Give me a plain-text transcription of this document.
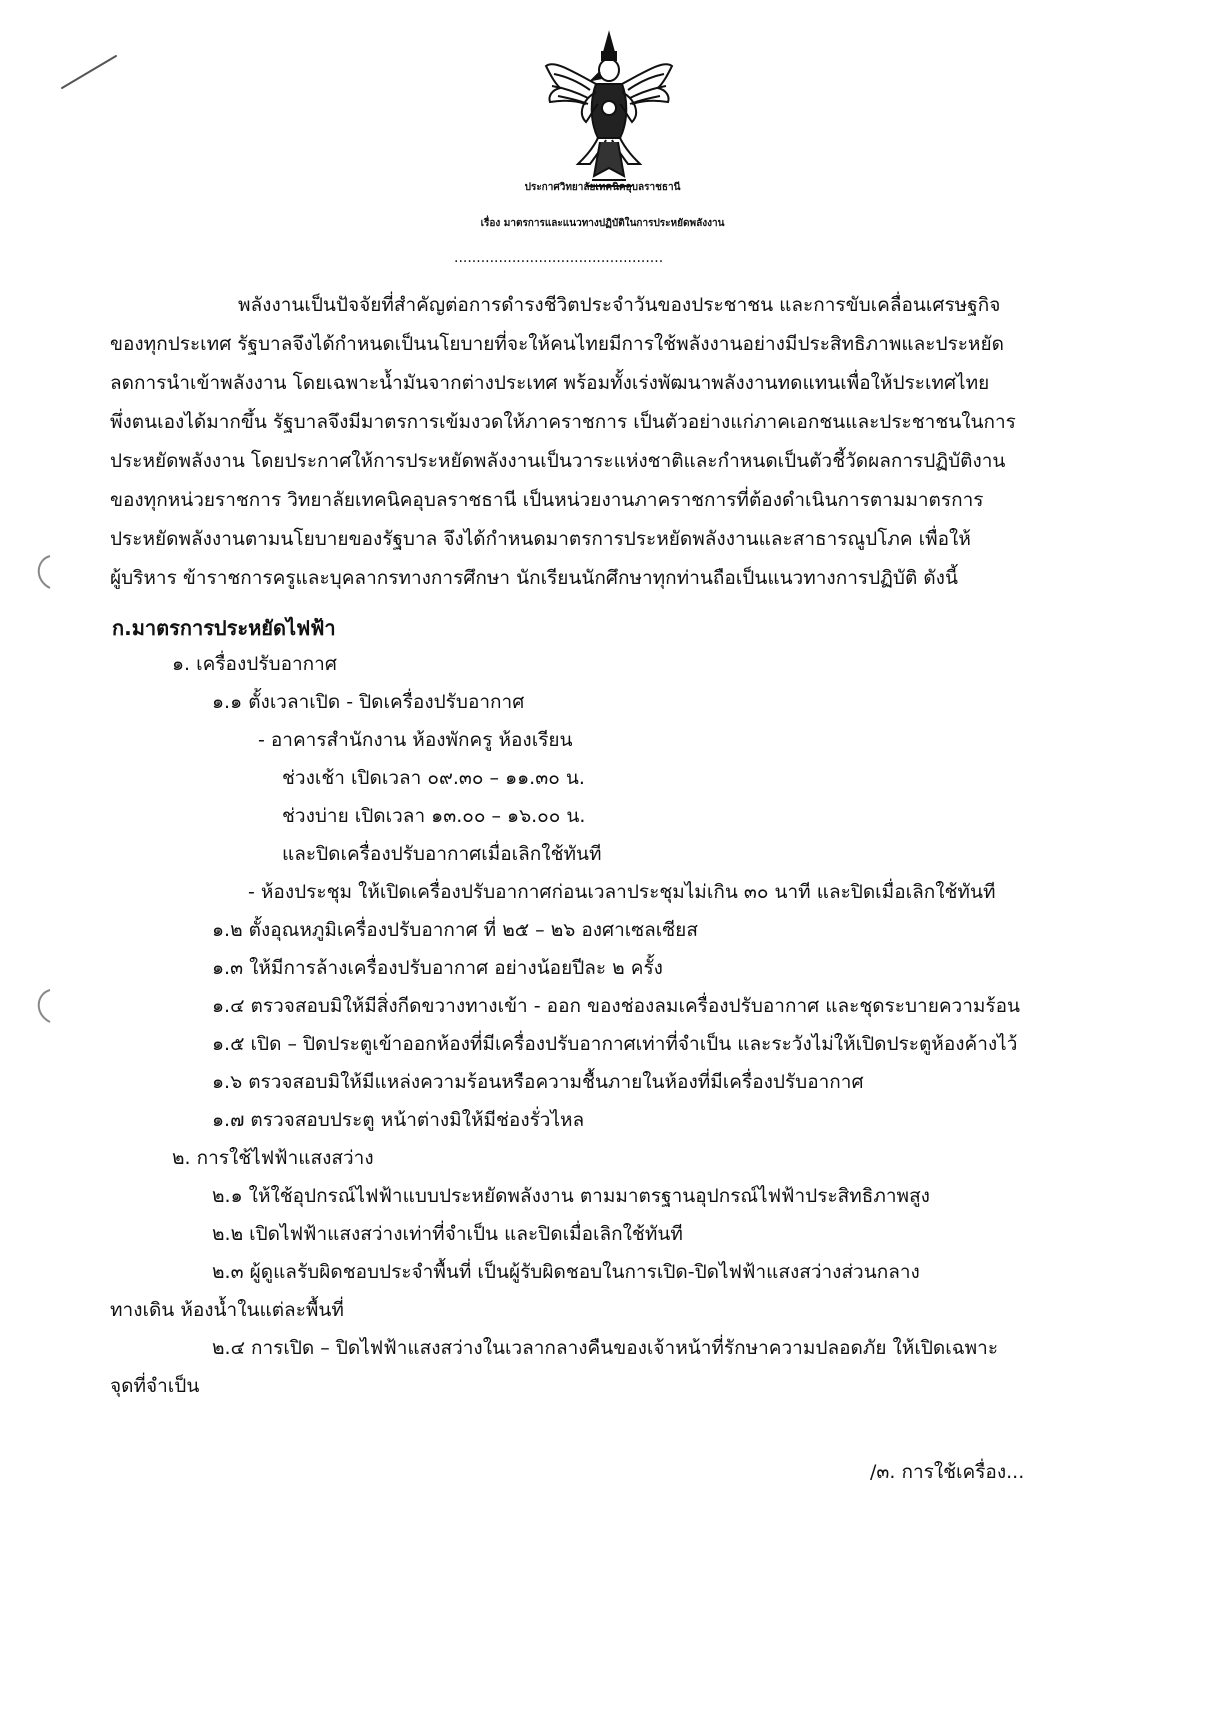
ประกาศวิทยาลัยเทคนิคอุบลราชธานี
เรื่อง มาตรการและแนวทางปฏิบัติในการประหยัดพลังงาน
...............................................
พลังงานเป็นปัจจัยที่สำคัญต่อการดำรงชีวิตประจำวันของประชาชน และการขับเคลื่อนเศรษฐกิจ
ของทุกประเทศ รัฐบาลจึงได้กำหนดเป็นนโยบายที่จะให้คนไทยมีการใช้พลังงานอย่างมีประสิทธิภาพและประหยัด
ลดการนำเข้าพลังงาน โดยเฉพาะน้ำมันจากต่างประเทศ พร้อมทั้งเร่งพัฒนาพลังงานทดแทนเพื่อให้ประเทศไทย
พึ่งตนเองได้มากขึ้น รัฐบาลจึงมีมาตรการเข้มงวดให้ภาคราชการ เป็นตัวอย่างแก่ภาคเอกชนและประชาชนในการ
ประหยัดพลังงาน โดยประกาศให้การประหยัดพลังงานเป็นวาระแห่งชาติและกำหนดเป็นตัวชี้วัดผลการปฏิบัติงาน
ของทุกหน่วยราชการ วิทยาลัยเทคนิคอุบลราชธานี เป็นหน่วยงานภาคราชการที่ต้องดำเนินการตามมาตรการ
ประหยัดพลังงานตามนโยบายของรัฐบาล จึงได้กำหนดมาตรการประหยัดพลังงานและสาธารณูปโภค เพื่อให้
ผู้บริหาร ข้าราชการครูและบุคลากรทางการศึกษา นักเรียนนักศึกษาทุกท่านถือเป็นแนวทางการปฏิบัติ ดังนี้
ก.มาตรการประหยัดไฟฟ้า
๑. เครื่องปรับอากาศ
๑.๑ ตั้งเวลาเปิด - ปิดเครื่องปรับอากาศ
- อาคารสำนักงาน ห้องพักครู ห้องเรียน
ช่วงเช้า เปิดเวลา ๐๙.๓๐ – ๑๑.๓๐ น.
ช่วงบ่าย เปิดเวลา ๑๓.๐๐ – ๑๖.๐๐ น.
และปิดเครื่องปรับอากาศเมื่อเลิกใช้ทันที
- ห้องประชุม ให้เปิดเครื่องปรับอากาศก่อนเวลาประชุมไม่เกิน ๓๐ นาที และปิดเมื่อเลิกใช้ทันที
๑.๒ ตั้งอุณหภูมิเครื่องปรับอากาศ ที่ ๒๕ – ๒๖ องศาเซลเซียส
๑.๓ ให้มีการล้างเครื่องปรับอากาศ อย่างน้อยปีละ ๒ ครั้ง
๑.๔ ตรวจสอบมิให้มีสิ่งกีดขวางทางเข้า - ออก ของช่องลมเครื่องปรับอากาศ และชุดระบายความร้อน
๑.๕ เปิด – ปิดประตูเข้าออกห้องที่มีเครื่องปรับอากาศเท่าที่จำเป็น และระวังไม่ให้เปิดประตูห้องค้างไว้
๑.๖ ตรวจสอบมิให้มีแหล่งความร้อนหรือความชื้นภายในห้องที่มีเครื่องปรับอากาศ
๑.๗ ตรวจสอบประตู หน้าต่างมิให้มีช่องรั่วไหล
๒. การใช้ไฟฟ้าแสงสว่าง
๒.๑ ให้ใช้อุปกรณ์ไฟฟ้าแบบประหยัดพลังงาน ตามมาตรฐานอุปกรณ์ไฟฟ้าประสิทธิภาพสูง
๒.๒ เปิดไฟฟ้าแสงสว่างเท่าที่จำเป็น และปิดเมื่อเลิกใช้ทันที
๒.๓ ผู้ดูแลรับผิดชอบประจำพื้นที่ เป็นผู้รับผิดชอบในการเปิด-ปิดไฟฟ้าแสงสว่างส่วนกลาง
ทางเดิน ห้องน้ำในแต่ละพื้นที่
๒.๔ การเปิด – ปิดไฟฟ้าแสงสว่างในเวลากลางคืนของเจ้าหน้าที่รักษาความปลอดภัย ให้เปิดเฉพาะ
จุดที่จำเป็น
/๓. การใช้เครื่อง...
